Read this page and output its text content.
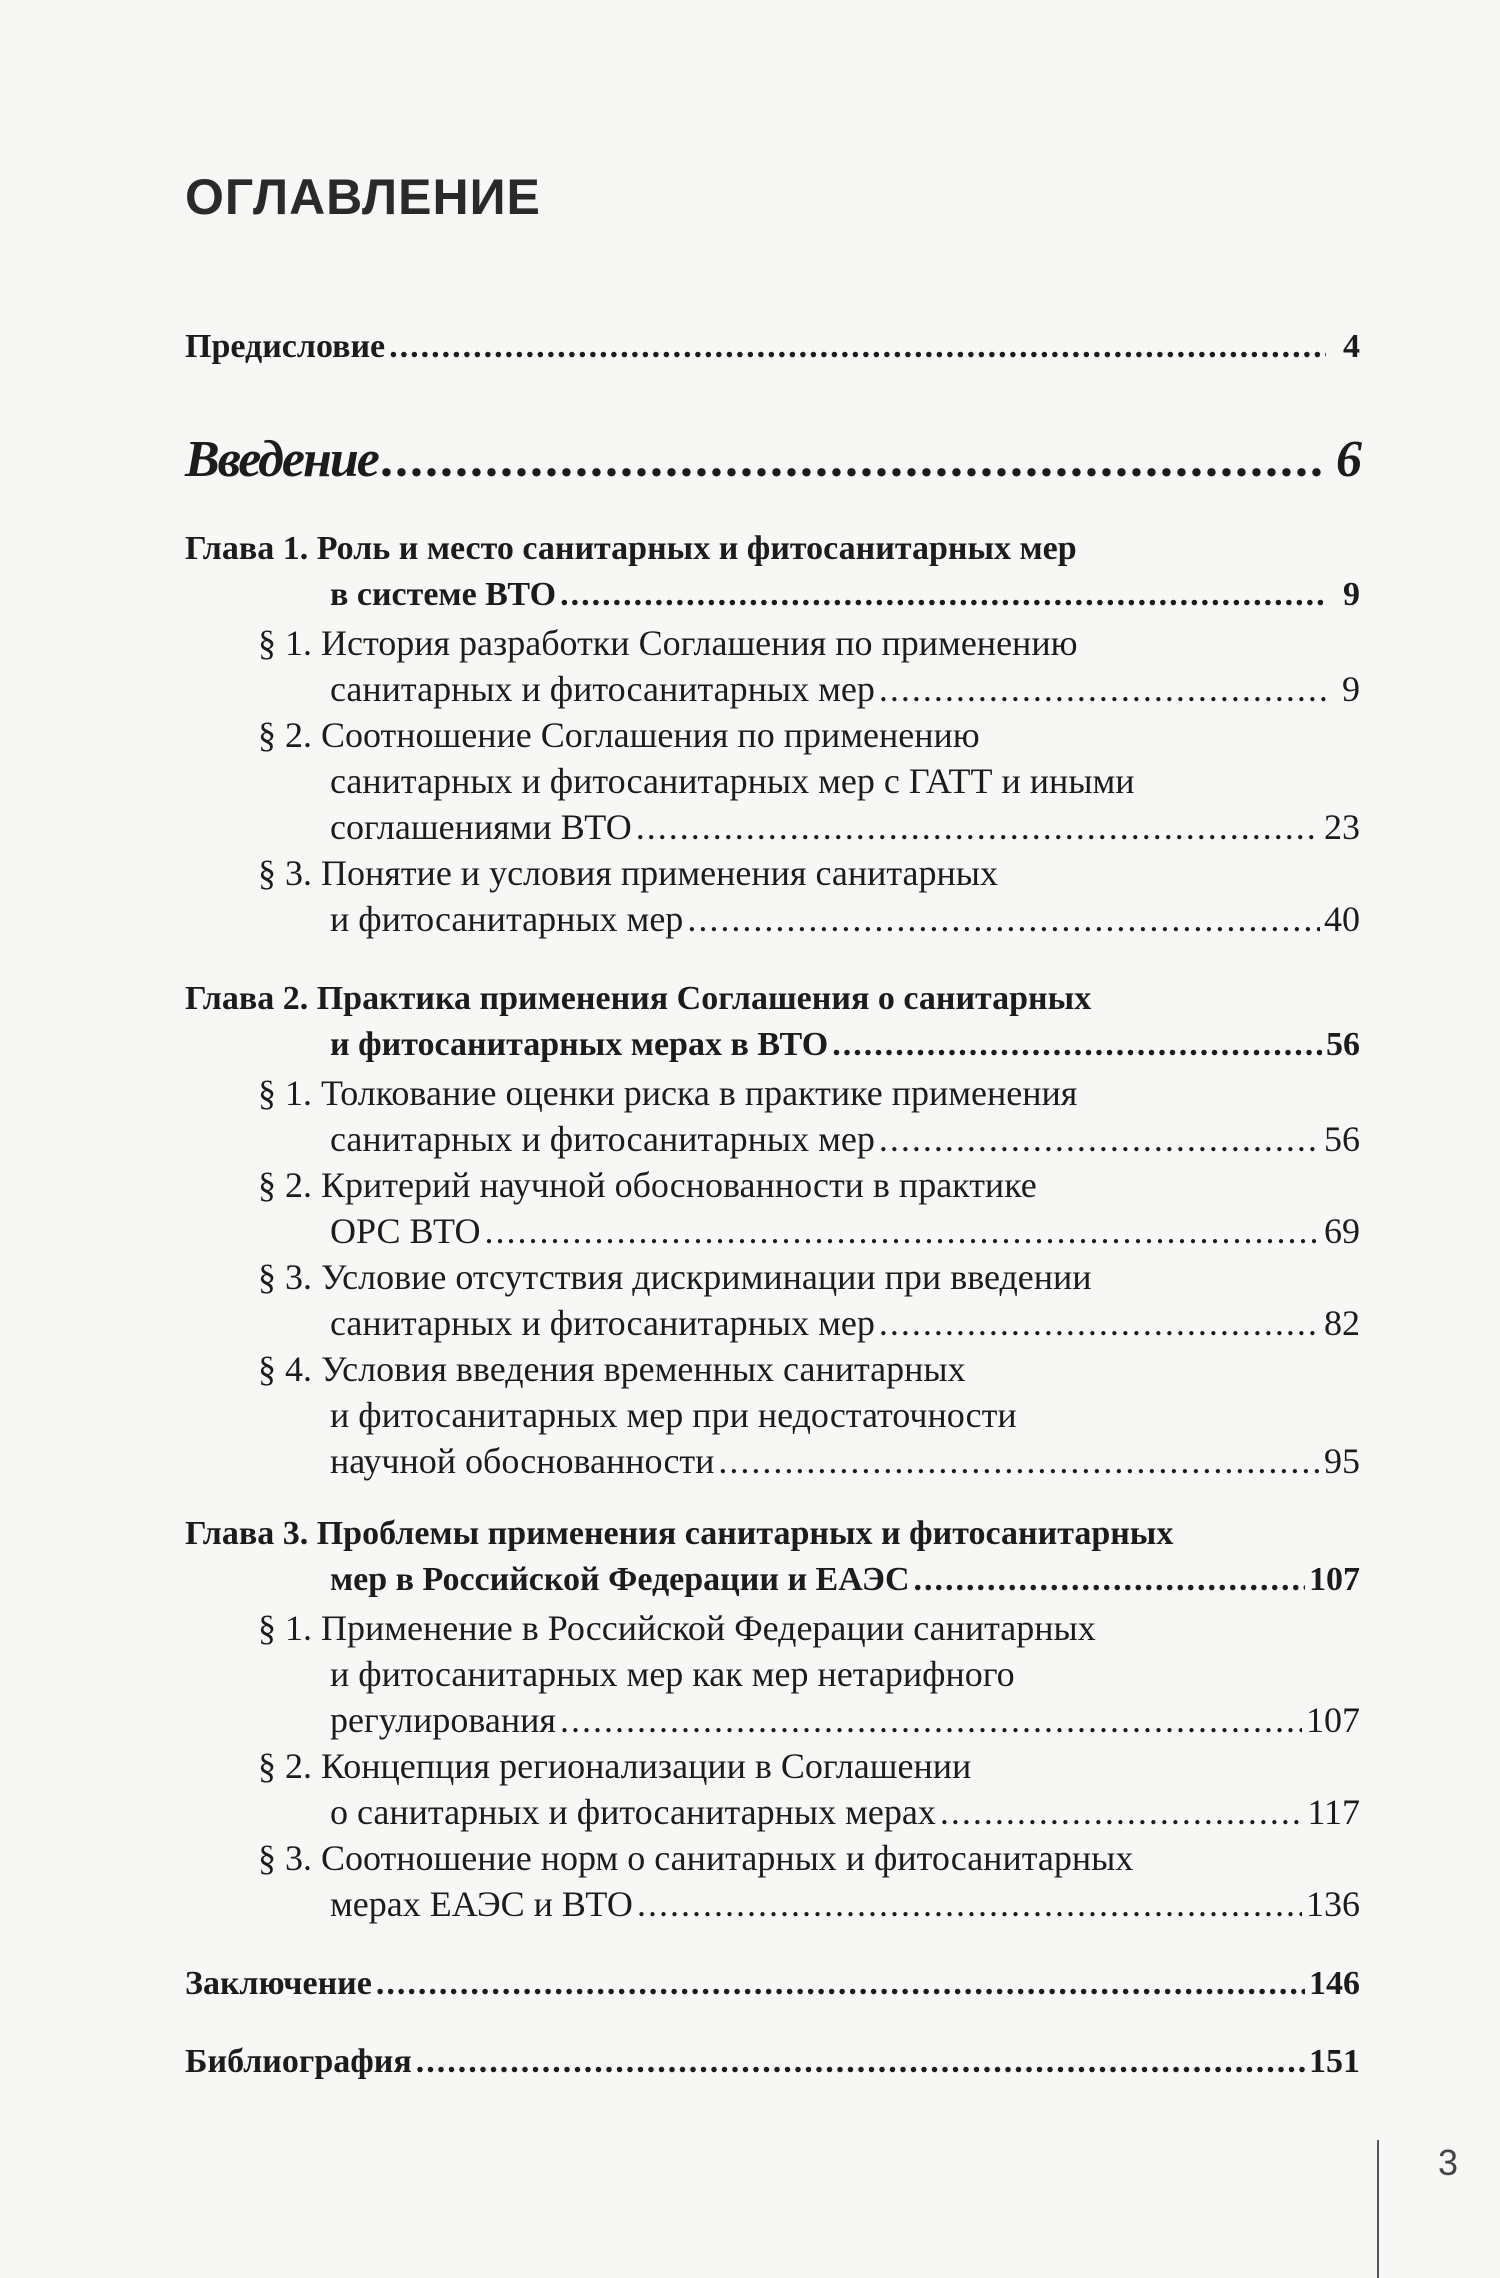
ОГЛАВЛЕНИЕ
Предисловие .....	4
Введение .....	6
Глава 1. Роль и место санитарных и фитосанитарных мер
в системе ВТО .....	9
§ 1. История разработки Соглашения по применению
санитарных и фитосанитарных мер .....	9
§ 2. Соотношение Соглашения по применению
санитарных и фитосанитарных мер с ГАТТ и иными
соглашениями ВТО .....	23
§ 3. Понятие и условия применения санитарных
и фитосанитарных мер .....	40
Глава 2. Практика применения Соглашения о санитарных
и фитосанитарных мерах в ВТО .....	56
§ 1. Толкование оценки риска в практике применения
санитарных и фитосанитарных мер .....	56
§ 2. Критерий научной обоснованности в практике
ОРС ВТО .....	69
§ 3. Условие отсутствия дискриминации при введении
санитарных и фитосанитарных мер .....	82
§ 4. Условия введения временных санитарных
и фитосанитарных мер при недостаточности
научной обоснованности .....	95
Глава 3. Проблемы применения санитарных и фитосанитарных
мер в Российской Федерации и ЕАЭС .....	107
§ 1. Применение в Российской Федерации санитарных
и фитосанитарных мер как мер нетарифного
регулирования .....	107
§ 2. Концепция регионализации в Соглашении
о санитарных и фитосанитарных мерах .....	117
§ 3. Соотношение норм о санитарных и фитосанитарных
мерах ЕАЭС и ВТО .....	136
Заключение .....	146
Библиография .....	151
3
